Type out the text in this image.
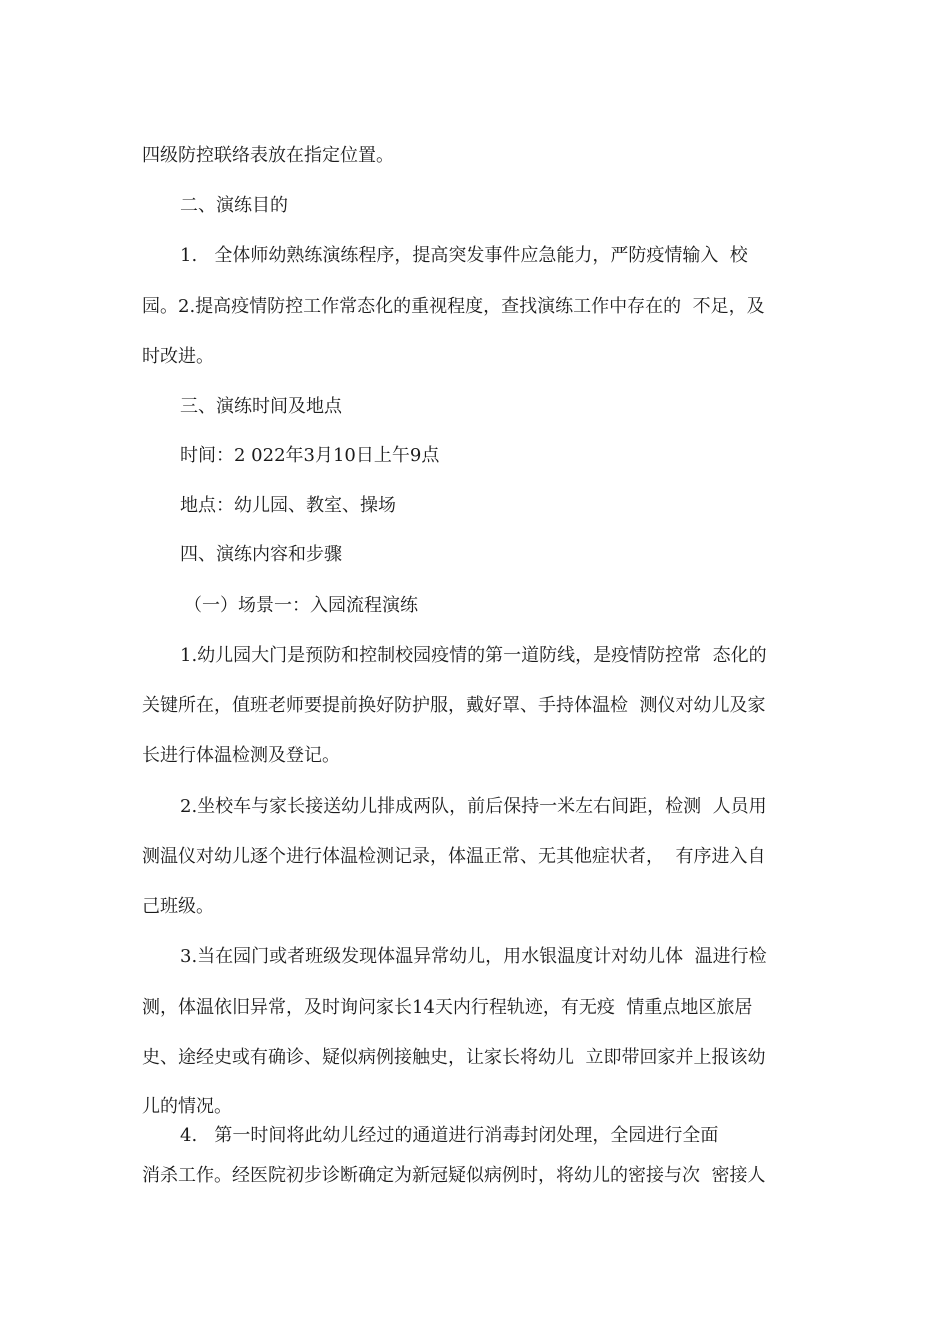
四级防控联络表放在指定位置。
二、演练目的
1.   全体师幼熟练演练程序，提高突发事件应急能力，严防疫情输入  校
园。2.提高疫情防控工作常态化的重视程度，查找演练工作中存在的  不足，及
时改进。
三、演练时间及地点
时间：2 022年3月10日上午9点
地点：幼儿园、教室、操场
四、演练内容和步骤
（一）场景一：入园流程演练
1.幼儿园大门是预防和控制校园疫情的第一道防线，是疫情防控常  态化的
关键所在，值班老师要提前换好防护服，戴好罩、手持体温检  测仪对幼儿及家
长进行体温检测及登记。
2.坐校车与家长接送幼儿排成两队，前后保持一米左右间距，检测  人员用
测温仪对幼儿逐个进行体温检测记录，体温正常、无其他症状者，  有序进入自
己班级。
3.当在园门或者班级发现体温异常幼儿，用水银温度计对幼儿体  温进行检
测，体温依旧异常，及时询问家长14天内行程轨迹，有无疫  情重点地区旅居
史、途经史或有确诊、疑似病例接触史，让家长将幼儿  立即带回家并上报该幼
儿的情况。
4.   第一时间将此幼儿经过的通道进行消毒封闭处理，全园进行全面
消杀工作。经医院初步诊断确定为新冠疑似病例时，将幼儿的密接与次  密接人
